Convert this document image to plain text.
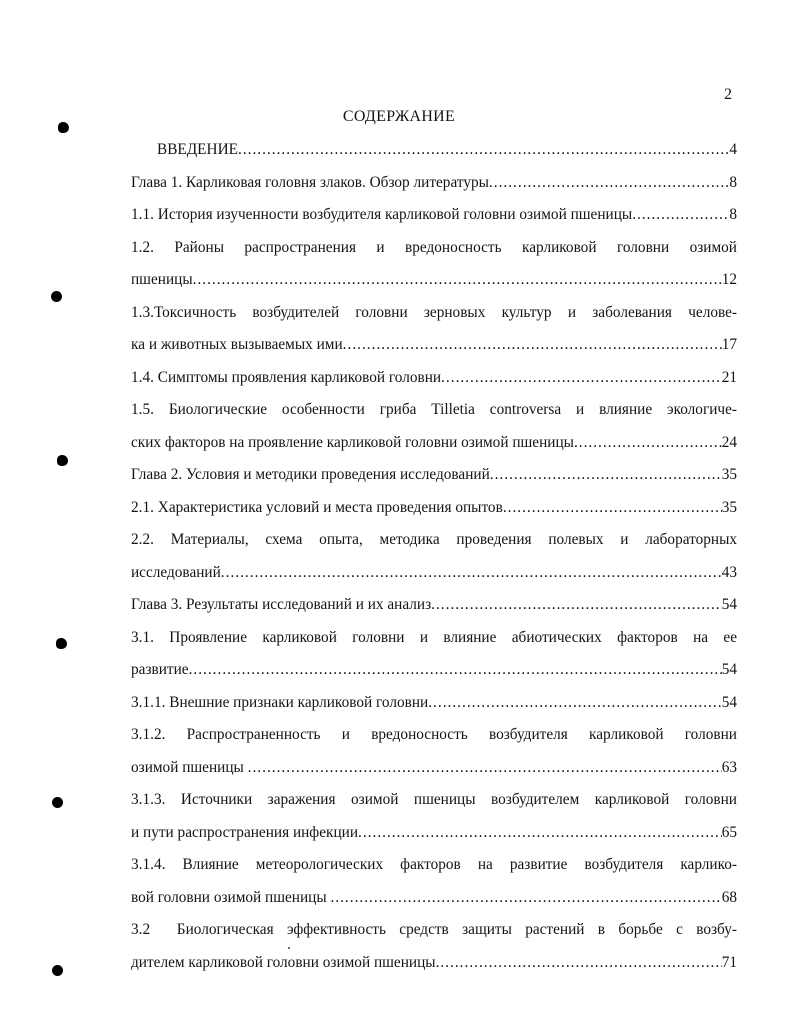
2
СОДЕРЖАНИЕ
ВВЕДЕНИЕ .....	4
Глава 1. Карликовая головня злаков. Обзор литературы .....	8
1.1. История изученности возбудителя карликовой головни озимой пшеницы .....	8
1.2. Районы распространения и вредоносность карликовой головни озимой
пшеницы .....	12
1.3.Токсичность возбудителей головни зерновых культур и заболевания челове-
ка и животных вызываемых ими .....	17
1.4. Симптомы проявления карликовой головни .....	21
1.5. Биологические особенности гриба Tilletia controversa и влияние экологиче-
ских факторов на проявление карликовой головни озимой пшеницы .....	24
Глава 2. Условия и методики проведения исследований .....	35
2.1. Характеристика условий и места проведения опытов .....	35
2.2. Материалы, схема опыта, методика проведения полевых и лабораторных
исследований .....	43
Глава 3. Результаты исследований и их анализ .....	54
3.1. Проявление карликовой головни и влияние абиотических факторов на ее
развитие .....	54
3.1.1. Внешние признаки карликовой головни .....	54
3.1.2. Распространенность и вредоносность возбудителя карликовой головни
озимой пшеницы .....	63
3.1.3. Источники заражения озимой пшеницы возбудителем карликовой головни
и пути распространения инфекции .....	65
3.1.4. Влияние метеорологических факторов на развитие возбудителя карлико-
вой головни озимой пшеницы .....	68
3.2  Биологическая эффективность средств защиты растений в борьбе с возбу-
дителем карликовой головни озимой пшеницы .....	71
